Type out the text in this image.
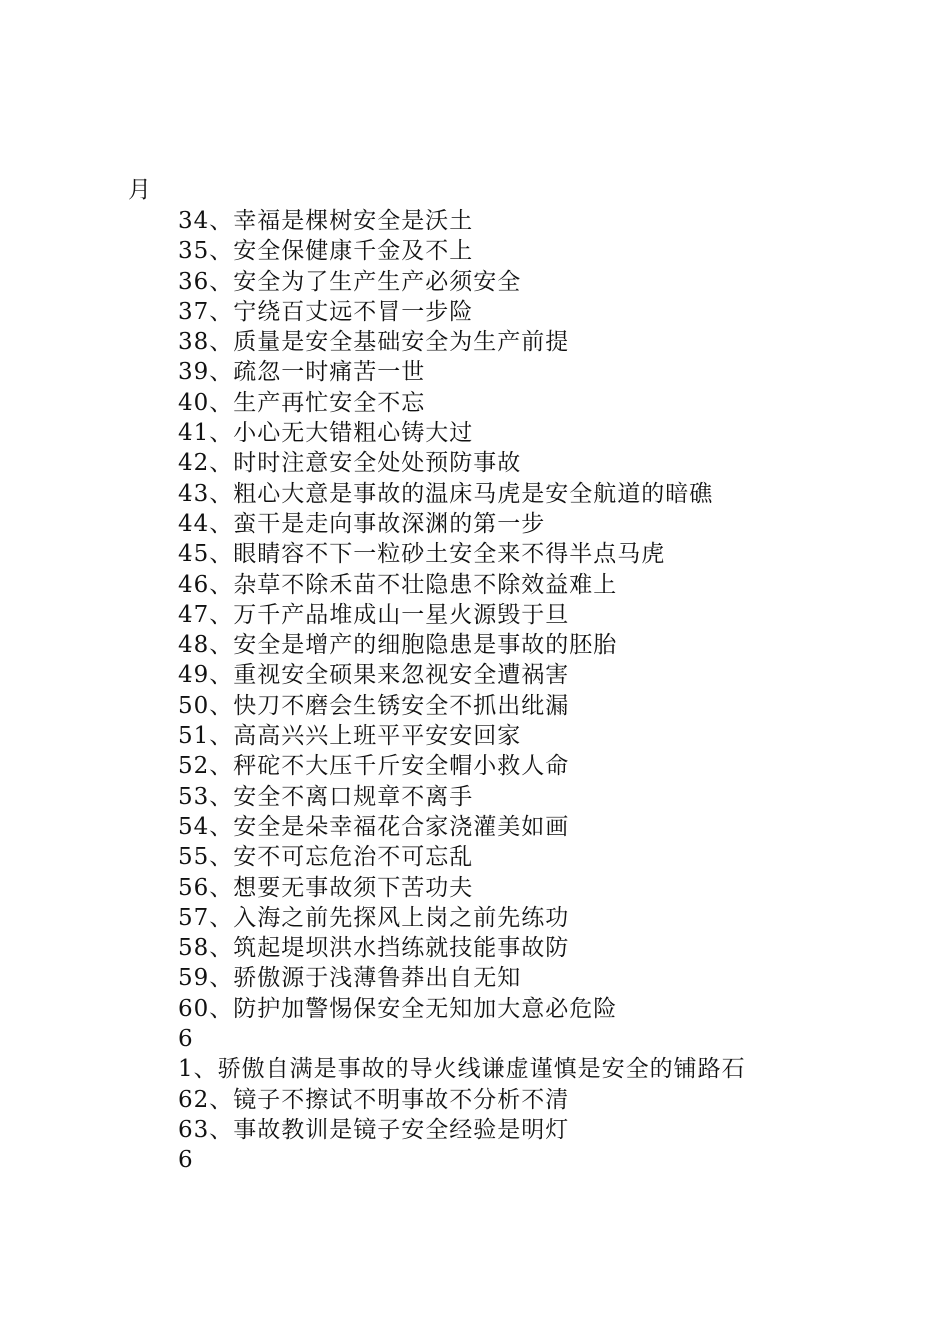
月
34、幸福是棵树安全是沃土
35、安全保健康千金及不上
36、安全为了生产生产必须安全
37、宁绕百丈远不冒一步险
38、质量是安全基础安全为生产前提
39、疏忽一时痛苦一世
40、生产再忙安全不忘
41、小心无大错粗心铸大过
42、时时注意安全处处预防事故
43、粗心大意是事故的温床马虎是安全航道的暗礁
44、蛮干是走向事故深渊的第一步
45、眼睛容不下一粒砂土安全来不得半点马虎
46、杂草不除禾苗不壮隐患不除效益难上
47、万千产品堆成山一星火源毁于旦
48、安全是增产的细胞隐患是事故的胚胎
49、重视安全硕果来忽视安全遭祸害
50、快刀不磨会生锈安全不抓出纰漏
51、高高兴兴上班平平安安回家
52、秤砣不大压千斤安全帽小救人命
53、安全不离口规章不离手
54、安全是朵幸福花合家浇灌美如画
55、安不可忘危治不可忘乱
56、想要无事故须下苦功夫
57、入海之前先探风上岗之前先练功
58、筑起堤坝洪水挡练就技能事故防
59、骄傲源于浅薄鲁莽出自无知
60、防护加警惕保安全无知加大意必危险
6
1、骄傲自满是事故的导火线谦虚谨慎是安全的铺路石
62、镜子不擦试不明事故不分析不清
63、事故教训是镜子安全经验是明灯
6
